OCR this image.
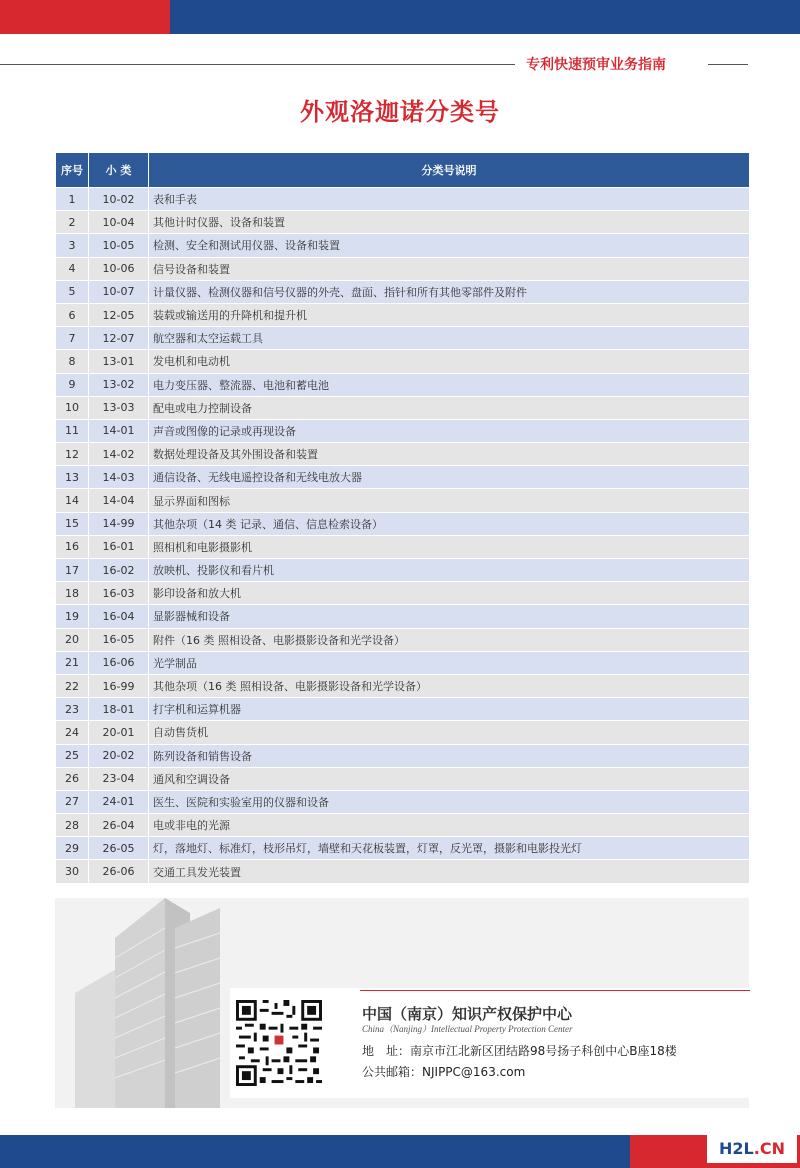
专利快速预审业务指南
外观洛迦诺分类号
序号	小 类	分类号说明
1	10-02	表和手表
2	10-04	其他计时仪器、设备和装置
3	10-05	检测、安全和测试用仪器、设备和装置
4	10-06	信号设备和装置
5	10-07	计量仪器、检测仪器和信号仪器的外壳、盘面、指针和所有其他零部件及附件
6	12-05	装载或输送用的升降机和提升机
7	12-07	航空器和太空运载工具
8	13-01	发电机和电动机
9	13-02	电力变压器、整流器、电池和蓄电池
10	13-03	配电或电力控制设备
11	14-01	声音或图像的记录或再现设备
12	14-02	数据处理设备及其外围设备和装置
13	14-03	通信设备、无线电遥控设备和无线电放大器
14	14-04	显示界面和图标
15	14-99	其他杂项（14 类 记录、通信、信息检索设备）
16	16-01	照相机和电影摄影机
17	16-02	放映机、投影仪和看片机
18	16-03	影印设备和放大机
19	16-04	显影器械和设备
20	16-05	附件（16 类 照相设备、电影摄影设备和光学设备）
21	16-06	光学制品
22	16-99	其他杂项（16 类 照相设备、电影摄影设备和光学设备）
23	18-01	打字机和运算机器
24	20-01	自动售货机
25	20-02	陈列设备和销售设备
26	23-04	通风和空调设备
27	24-01	医生、医院和实验室用的仪器和设备
28	26-04	电或非电的光源
29	26-05	灯，落地灯、标准灯，枝形吊灯，墙壁和天花板装置，灯罩，反光罩，摄影和电影投光灯
30	26-06	交通工具发光装置
中国（南京）知识产权保护中心
China（Nanjing）Intellectual Property Protection Center
地　址：南京市江北新区团结路98号扬子科创中心B座18楼
公共邮箱：NJIPPC@163.com
H2L .CN
